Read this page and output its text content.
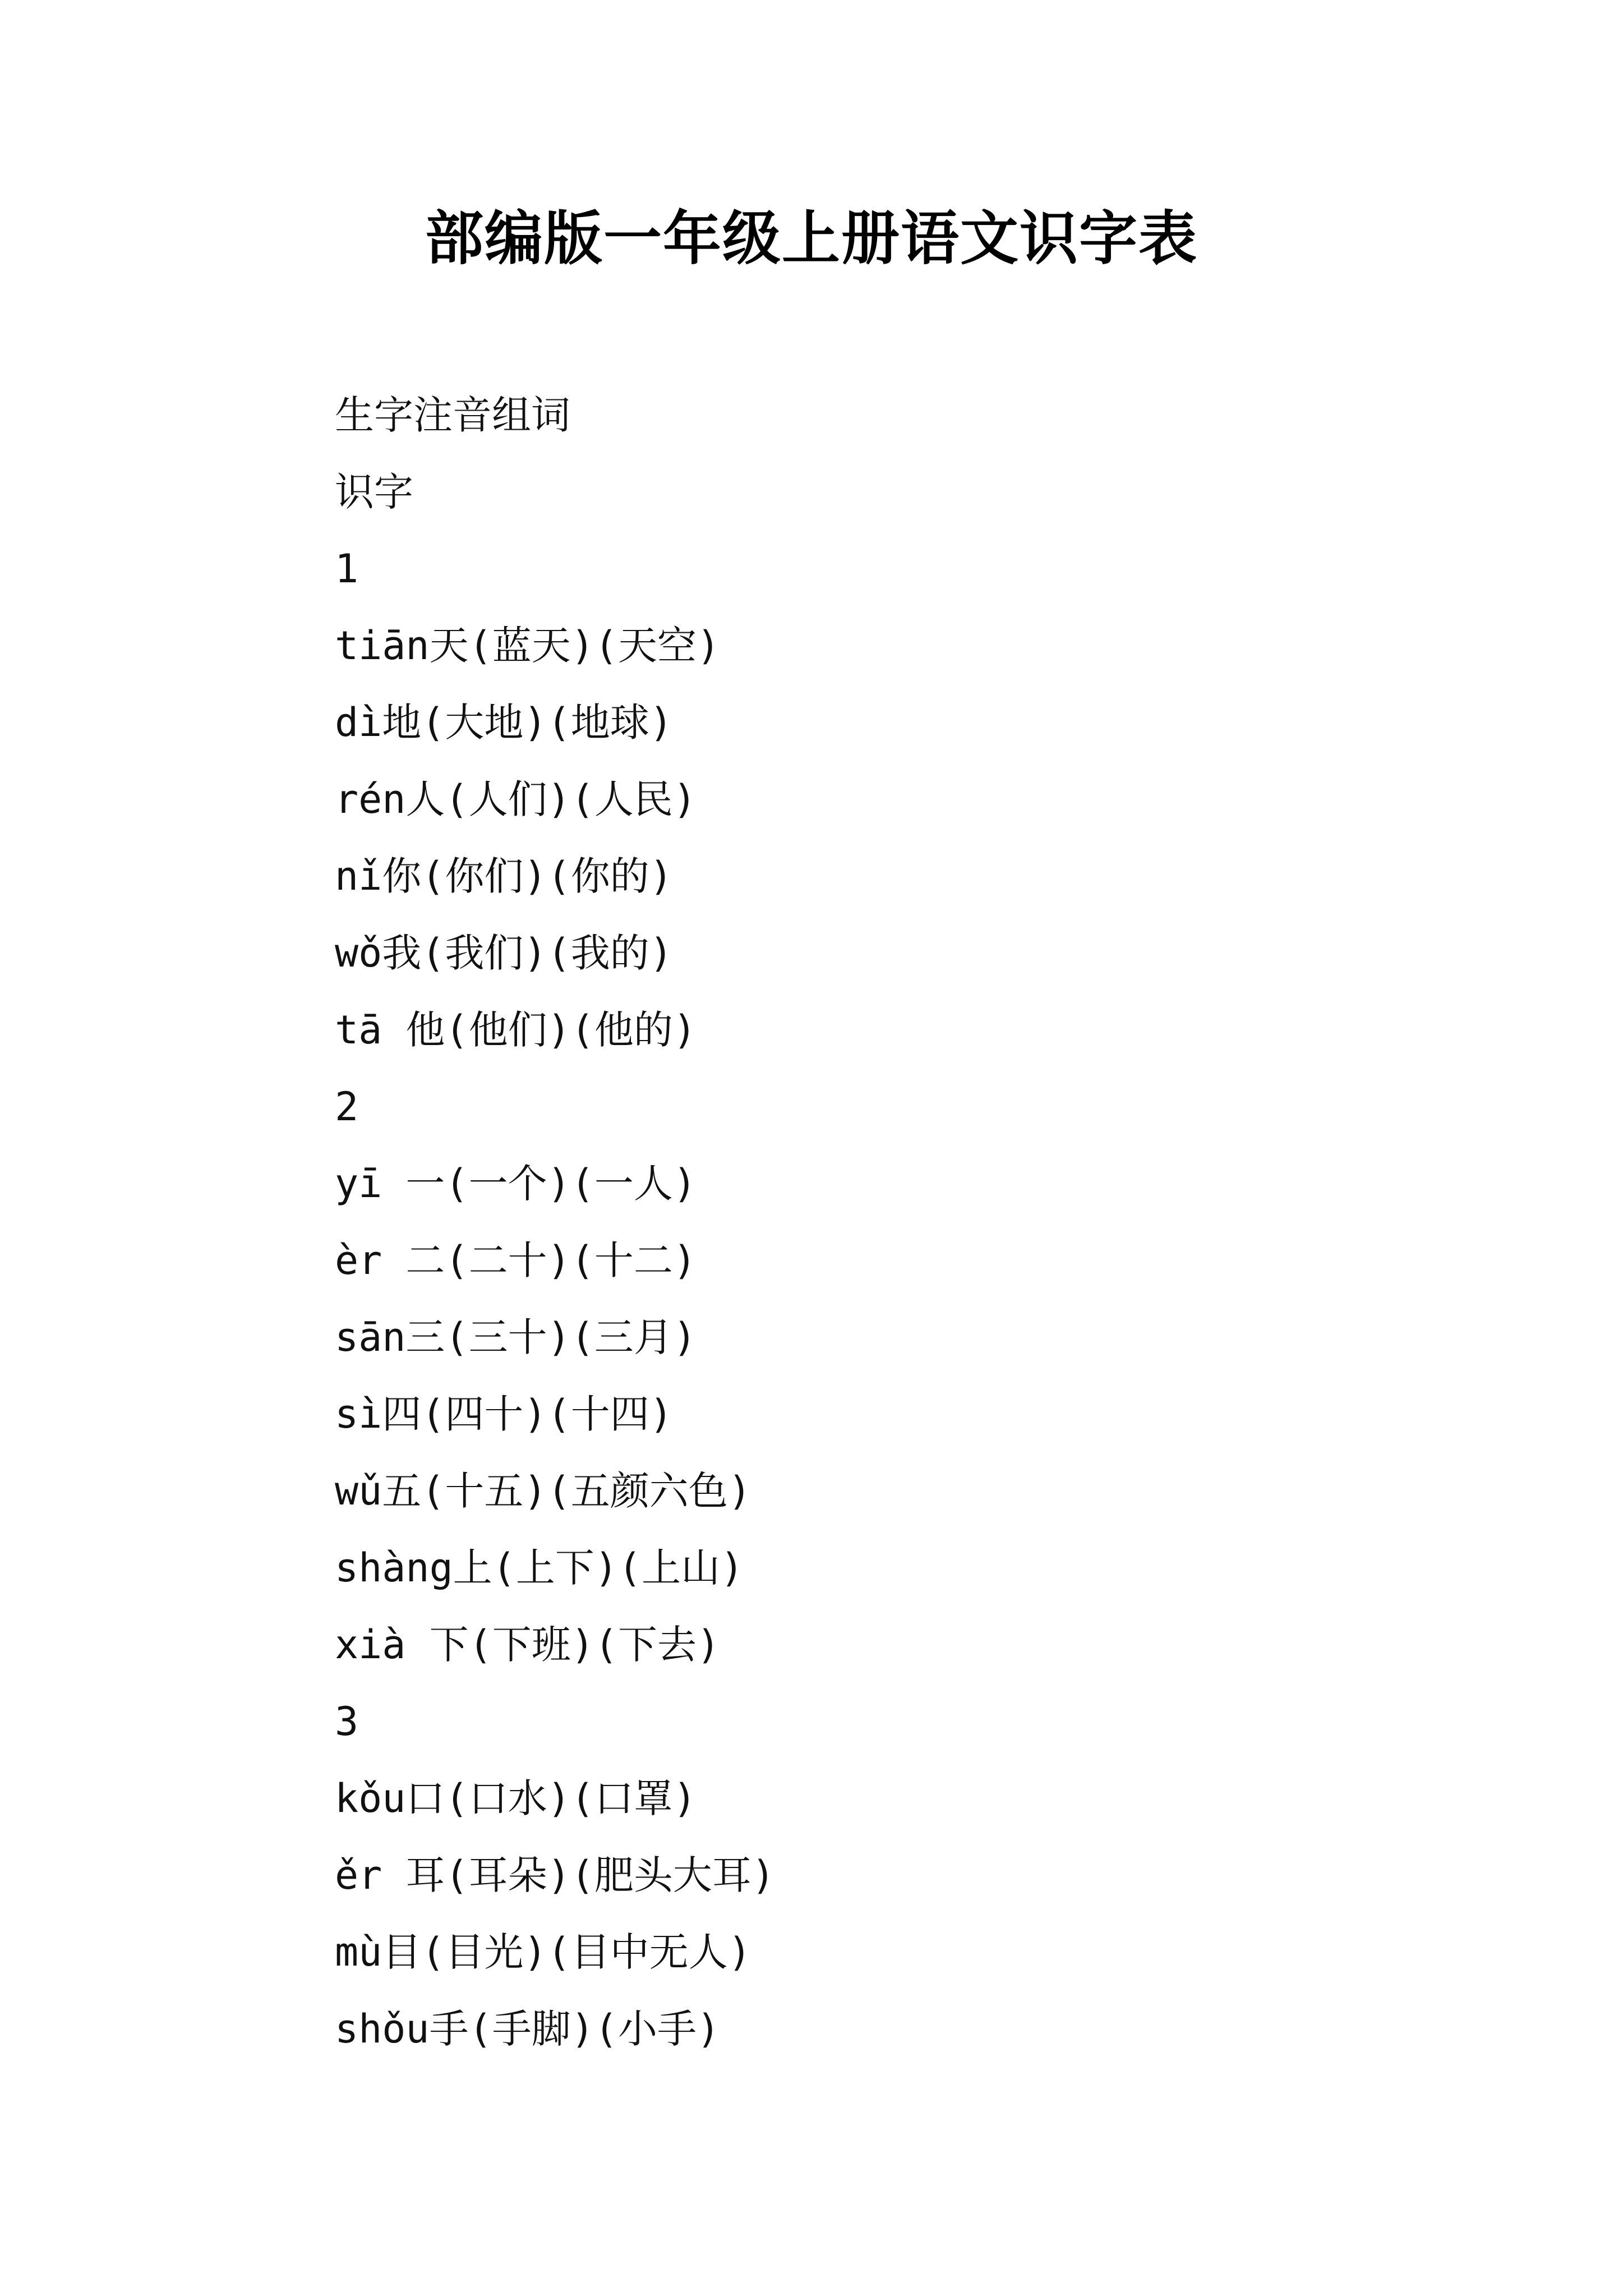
部编版一年级上册语文识字表
生字注音组词
识字
1
tiān天(蓝天)(天空)
dì地(大地)(地球)
rén人(人们)(人民)
nǐ你(你们)(你的)
wǒ我(我们)(我的)
tā 他(他们)(他的)
2
yī 一(一个)(一人)
èr 二(二十)(十二)
sān三(三十)(三月)
sì四(四十)(十四)
wǔ五(十五)(五颜六色)
shàng上(上下)(上山)
xià 下(下班)(下去)
3
kǒu口(口水)(口罩)
ěr 耳(耳朵)(肥头大耳)
mù目(目光)(目中无人)
shǒu手(手脚)(小手)
